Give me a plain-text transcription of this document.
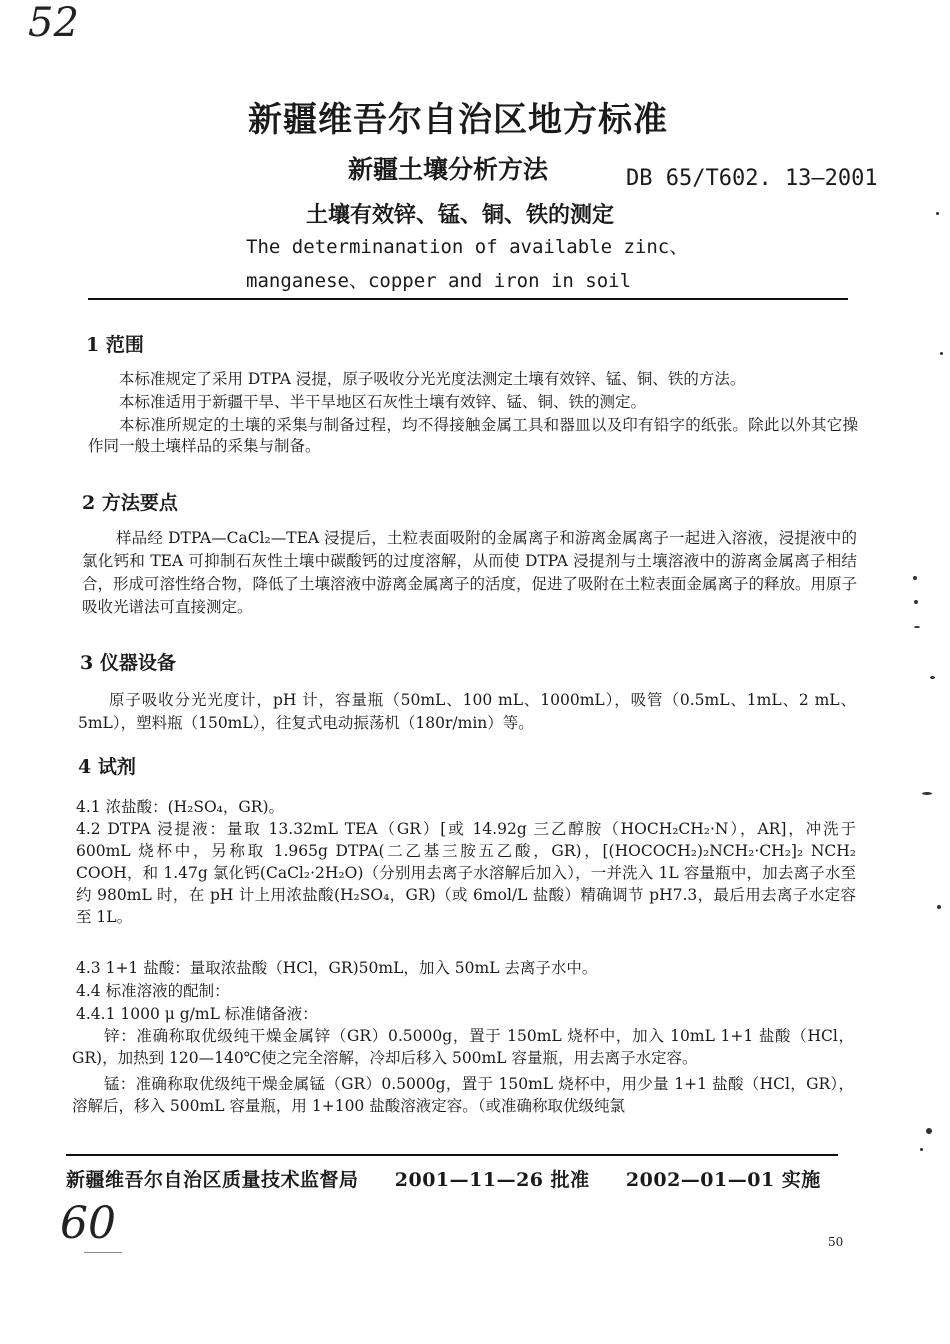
52
60
新疆维吾尔自治区地方标准
新疆土壤分析方法	DB 65/T602. 13—2001
土壤有效锌、锰、铜、铁的测定
The determinanation of available zinc、
manganese、copper and iron in soil
1 范围
本标准规定了采用 DTPA 浸提，原子吸收分光光度法测定土壤有效锌、锰、铜、铁的方法。
本标准适用于新疆干旱、半干旱地区石灰性土壤有效锌、锰、铜、铁的测定。
本标准所规定的土壤的采集与制备过程，均不得接触金属工具和器皿以及印有铅字的纸张。除此以外其它操作同一般土壤样品的采集与制备。
2 方法要点
样品经 DTPA—CaCl₂—TEA 浸提后，土粒表面吸附的金属离子和游离金属离子一起进入溶液，浸提液中的氯化钙和 TEA 可抑制石灰性土壤中碳酸钙的过度溶解，从而使 DTPA 浸提剂与土壤溶液中的游离金属离子相结合，形成可溶性络合物，降低了土壤溶液中游离金属离子的活度，促进了吸附在土粒表面金属离子的释放。用原子吸收光谱法可直接测定。
3 仪器设备
原子吸收分光光度计，pH 计，容量瓶（50mL、100 mL、1000mL），吸管（0.5mL、1mL、2 mL、5mL），塑料瓶（150mL），往复式电动振荡机（180r/min）等。
4 试剂
4.1 浓盐酸：(H₂SO₄，GR)。
4.2 DTPA 浸提液：量取 13.32mL TEA（GR）[或 14.92g 三乙醇胺（HOCH₂CH₂·N），AR]，冲洗于 600mL 烧杯中，另称取 1.965g DTPA(二乙基三胺五乙酸，GR)，[(HOCOCH₂)₂NCH₂·CH₂]₂ NCH₂ COOH，和 1.47g 氯化钙(CaCl₂·2H₂O)（分别用去离子水溶解后加入），一并洗入 1L 容量瓶中，加去离子水至约 980mL 时，在 pH 计上用浓盐酸(H₂SO₄，GR)（或 6mol/L 盐酸）精确调节 pH7.3，最后用去离子水定容至 1L。
4.3 1+1 盐酸：量取浓盐酸（HCl，GR)50mL，加入 50mL 去离子水中。
4.4 标准溶液的配制：
4.4.1 1000 μ g/mL 标准储备液：
锌：准确称取优级纯干燥金属锌（GR）0.5000g，置于 150mL 烧杯中，加入 10mL 1+1 盐酸（HCl，GR)，加热到 120—140℃使之完全溶解，冷却后移入 500mL 容量瓶，用去离子水定容。
锰：准确称取优级纯干燥金属锰（GR）0.5000g，置于 150mL 烧杯中，用少量 1+1 盐酸（HCl，GR），溶解后，移入 500mL 容量瓶，用 1+100 盐酸溶液定容。（或准确称取优级纯氯
新疆维吾尔自治区质量技术监督局 2001—11—26 批准 2002—01—01 实施
50
